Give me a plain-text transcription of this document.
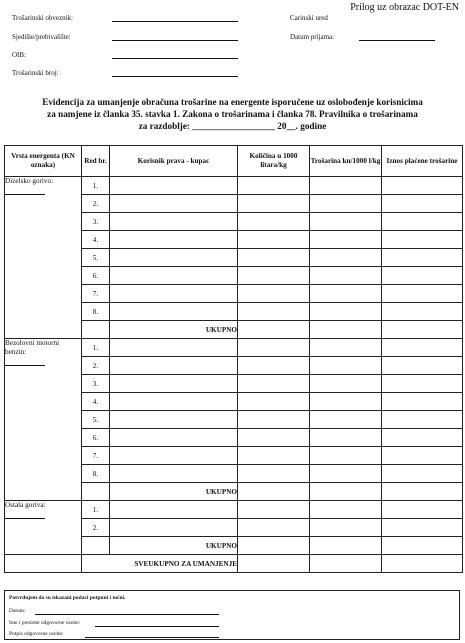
Prilog uz obrazac DOT-EN
Trošarinski obveznik:
Sjedište/prebivalište:
OIB:
Trošarinski broj:
Carinski ured
Datum prijama:
Evidencija za umanjenje obračuna trošarine na energente isporučene uz oslobođenje korisnicima
za namjene iz članka 35. stavka 1. Zakona o trošarinama i članka 78. Pravilnika o trošarinama
za razdoblje: __________________ 20__. godine
Vrsta energenta (KN oznaka)	Red br.	Korisnik prava - kupac	Količina u 1000 litara/kg	Trošarina kn/1000 l/kg	Iznos plaćene trošarine
Dizelsko gorivo:	1.				
	2.				
	3.				
	4.				
	5.				
	6.				
	7.				
	8.				
		UKUPNO			
Bezolovni motorni benzin:	1.				
	2.				
	3.				
	4.				
	5.				
	6.				
	7.				
	8.				
		UKUPNO			
Ostala goriva:	1.				
	2.				
		UKUPNO			
	SVEUKUPNO ZA UMANJENJE				
Potvrđujem da su iskazani podaci potpuni i točni.
Datum:
Ime i prezime odgovorne osobe:
Potpis odgovorne osobe:
